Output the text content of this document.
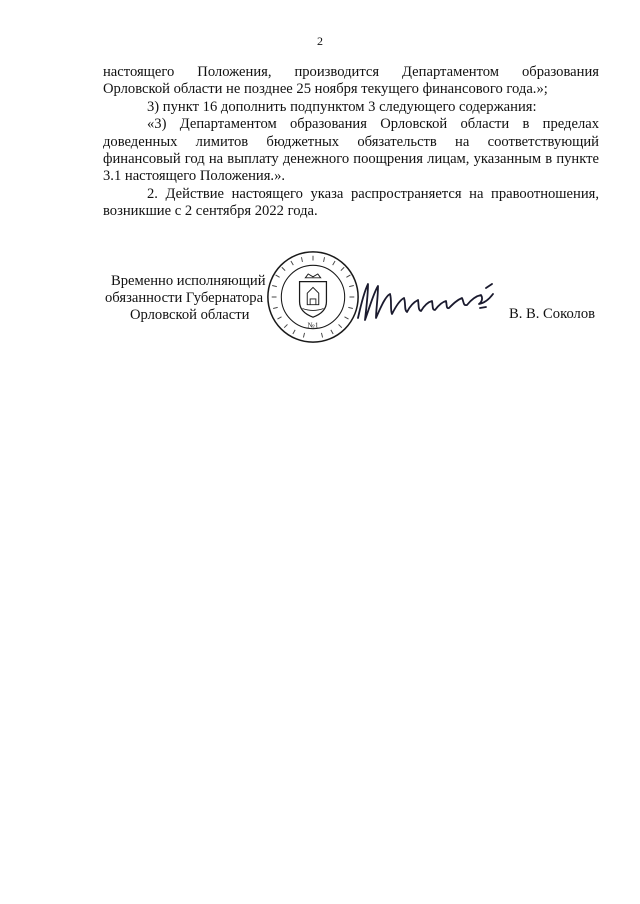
2

настоящего Положения, производится Департаментом образования

Орловской области не позднее 25 ноября текущего финансового года.»;

3) пункт 16 дополнить подпунктом 3 следующего содержания:

«3) Департаментом образования Орловской области в пределах доведенных лимитов бюджетных обязательств на соответствующий финансовый год на выплату денежного поощрения лицам, указанным в пункте 3.1 настоящего Положения.».

2. Действие настоящего указа распространяется на правоотношения, возникшие с 2 сентября 2022 года.

Временно исполняющий
обязанности Губернатора
Орловской области
№1
В. В. Соколов
